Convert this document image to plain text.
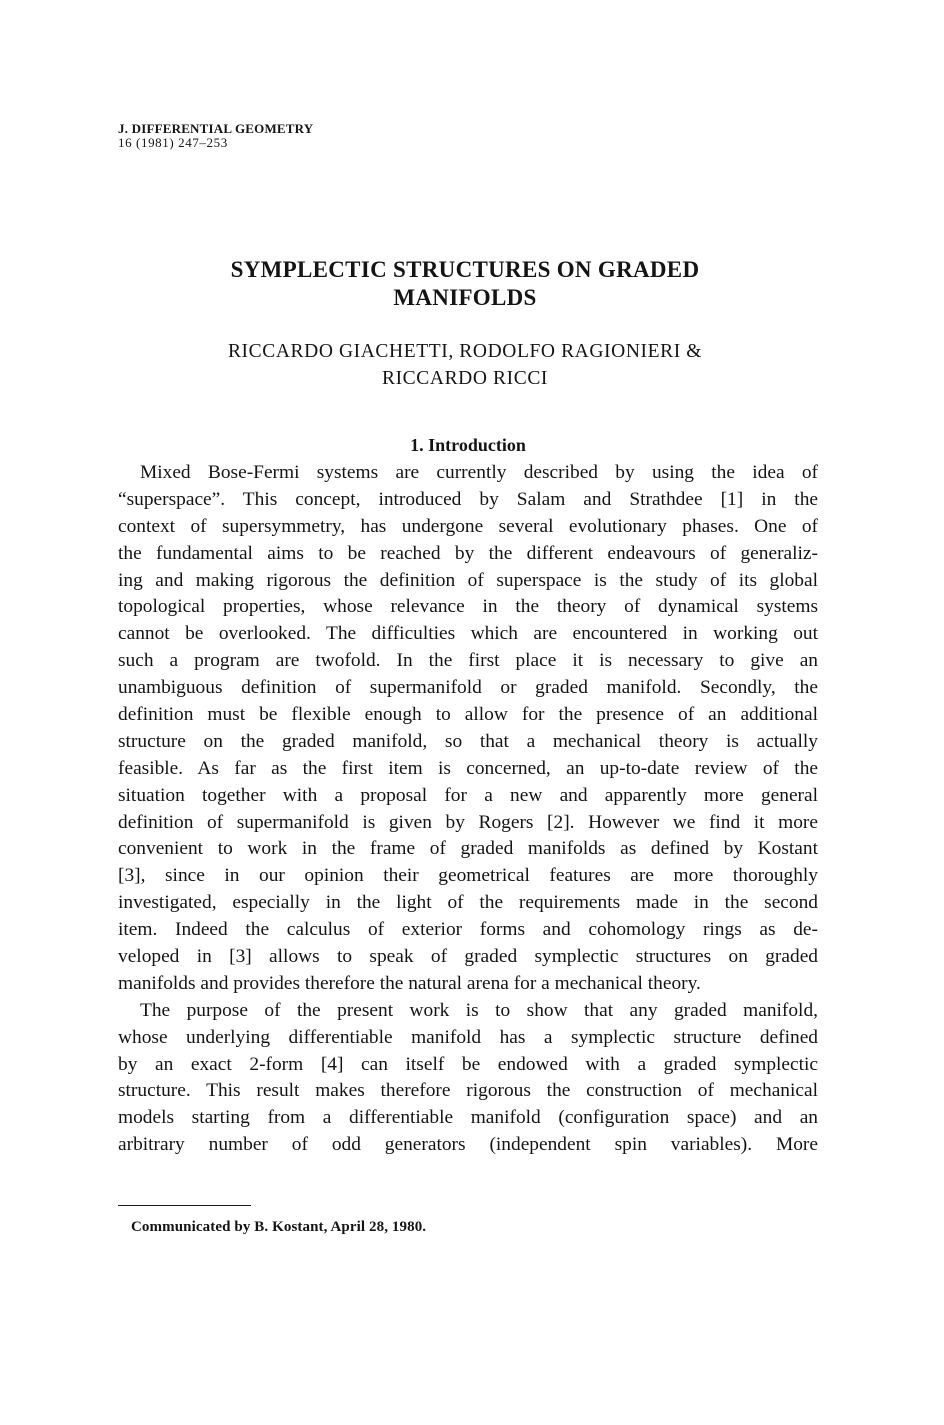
J. DIFFERENTIAL GEOMETRY
16 (1981) 247–253
SYMPLECTIC STRUCTURES ON GRADED
MANIFOLDS
RICCARDO GIACHETTI, RODOLFO RAGIONIERI &
RICCARDO RICCI
1. Introduction
Mixed Bose-Fermi systems are currently described by using the idea of
“superspace”. This concept, introduced by Salam and Strathdee [1] in the
context of supersymmetry, has undergone several evolutionary phases. One of
the fundamental aims to be reached by the different endeavours of generaliz-
ing and making rigorous the definition of superspace is the study of its global
topological properties, whose relevance in the theory of dynamical systems
cannot be overlooked. The difficulties which are encountered in working out
such a program are twofold. In the first place it is necessary to give an
unambiguous definition of supermanifold or graded manifold. Secondly, the
definition must be flexible enough to allow for the presence of an additional
structure on the graded manifold, so that a mechanical theory is actually
feasible. As far as the first item is concerned, an up-to-date review of the
situation together with a proposal for a new and apparently more general
definition of supermanifold is given by Rogers [2]. However we find it more
convenient to work in the frame of graded manifolds as defined by Kostant
[3], since in our opinion their geometrical features are more thoroughly
investigated, especially in the light of the requirements made in the second
item. Indeed the calculus of exterior forms and cohomology rings as de-
veloped in [3] allows to speak of graded symplectic structures on graded
manifolds and provides therefore the natural arena for a mechanical theory.
The purpose of the present work is to show that any graded manifold,
whose underlying differentiable manifold has a symplectic structure defined
by an exact 2-form [4] can itself be endowed with a graded symplectic
structure. This result makes therefore rigorous the construction of mechanical
models starting from a differentiable manifold (configuration space) and an
arbitrary number of odd generators (independent spin variables). More
Communicated by B. Kostant, April 28, 1980.
